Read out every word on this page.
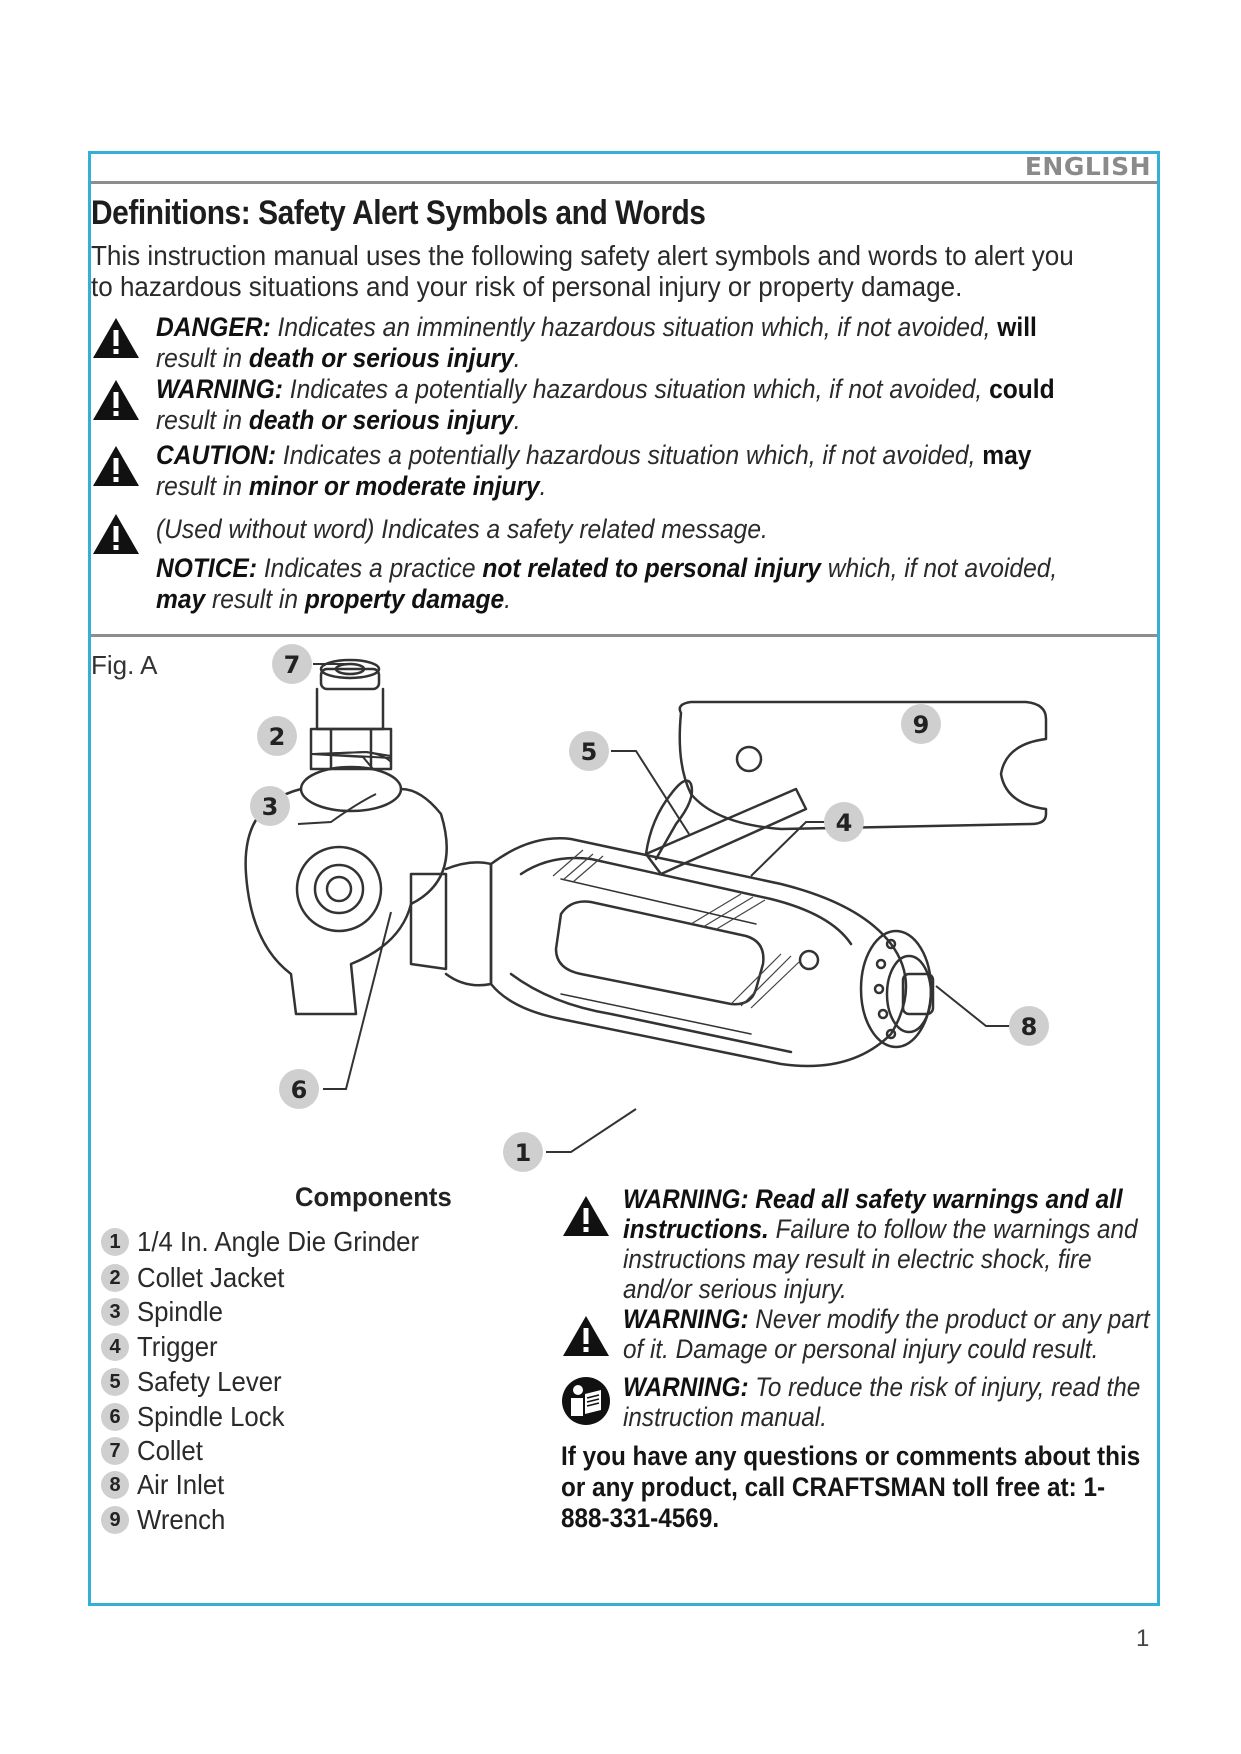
ENGLISH
Definitions: Safety Alert Symbols and Words
This instruction manual uses the following safety alert symbols and words to alert you to hazardous situations and your risk of personal injury or property damage.
DANGER: Indicates an imminently hazardous situation which, if not avoided, will result in death or serious injury.
WARNING: Indicates a potentially hazardous situation which, if not avoided, could result in death or serious injury.
CAUTION: Indicates a potentially hazardous situation which, if not avoided, may result in minor or moderate injury.
(Used without word) Indicates a safety related message.
NOTICE: Indicates a practice not related to personal injury which, if not avoided, may result in property damage.
Fig. A	7
2
3
5
9
4
8
6
1
Components
1 1/4 In. Angle Die Grinder
2 Collet Jacket
3 Spindle
4 Trigger
5 Safety Lever
6 Spindle Lock
7 Collet
8 Air Inlet
9 Wrench
WARNING: Read all safety warnings and all instructions. Failure to follow the warnings and instructions may result in electric shock, fire and/or serious injury.
WARNING: Never modify the product or any part of it. Damage or personal injury could result.
WARNING: To reduce the risk of injury, read the instruction manual.
If you have any questions or comments about this or any product, call CRAFTSMAN toll free at: 1-888-331-4569.
1
